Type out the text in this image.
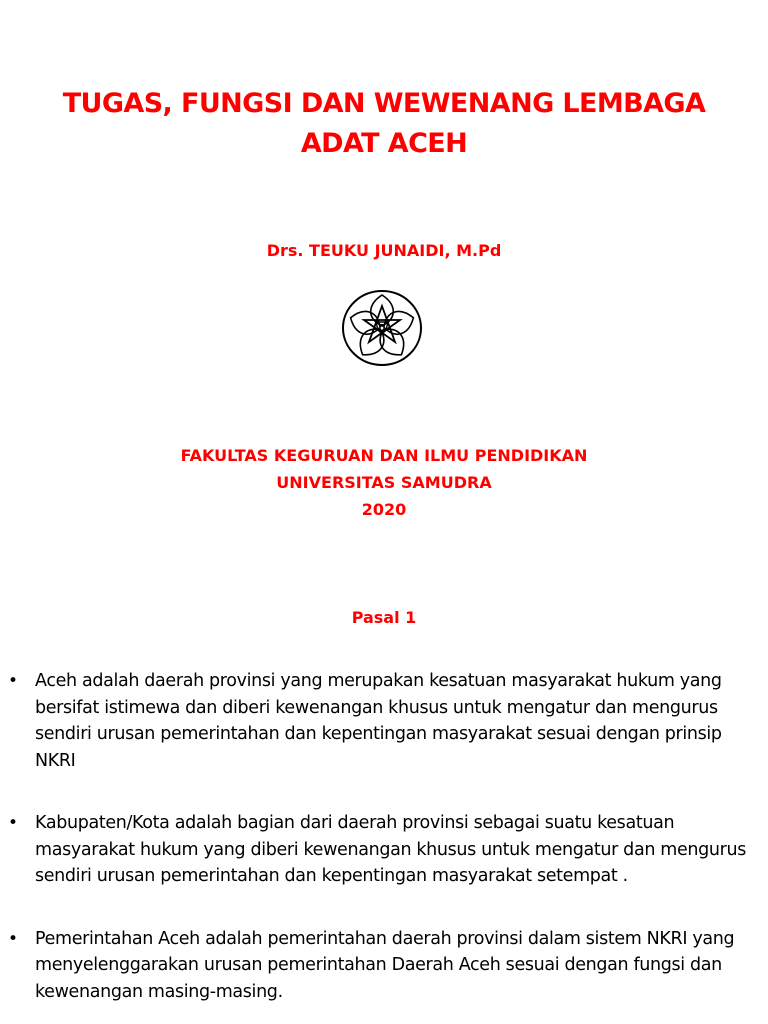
TUGAS, FUNGSI DAN WEWENANG LEMBAGA
ADAT ACEH
Drs. TEUKU JUNAIDI, M.Pd
FAKULTAS KEGURUAN DAN ILMU PENDIDIKAN
UNIVERSITAS SAMUDRA
2020
Pasal 1
• Aceh adalah daerah provinsi yang merupakan kesatuan masyarakat hukum yang bersifat istimewa dan diberi kewenangan khusus untuk mengatur dan mengurus sendiri urusan pemerintahan dan kepentingan masyarakat sesuai dengan prinsip NKRI
• Kabupaten/Kota adalah bagian dari daerah provinsi sebagai suatu kesatuan masyarakat hukum yang diberi kewenangan khusus untuk mengatur dan mengurus sendiri urusan pemerintahan dan kepentingan masyarakat setempat .
• Pemerintahan Aceh adalah pemerintahan daerah provinsi dalam sistem NKRI yang menyelenggarakan urusan pemerintahan Daerah Aceh sesuai dengan fungsi dan kewenangan masing-masing.
